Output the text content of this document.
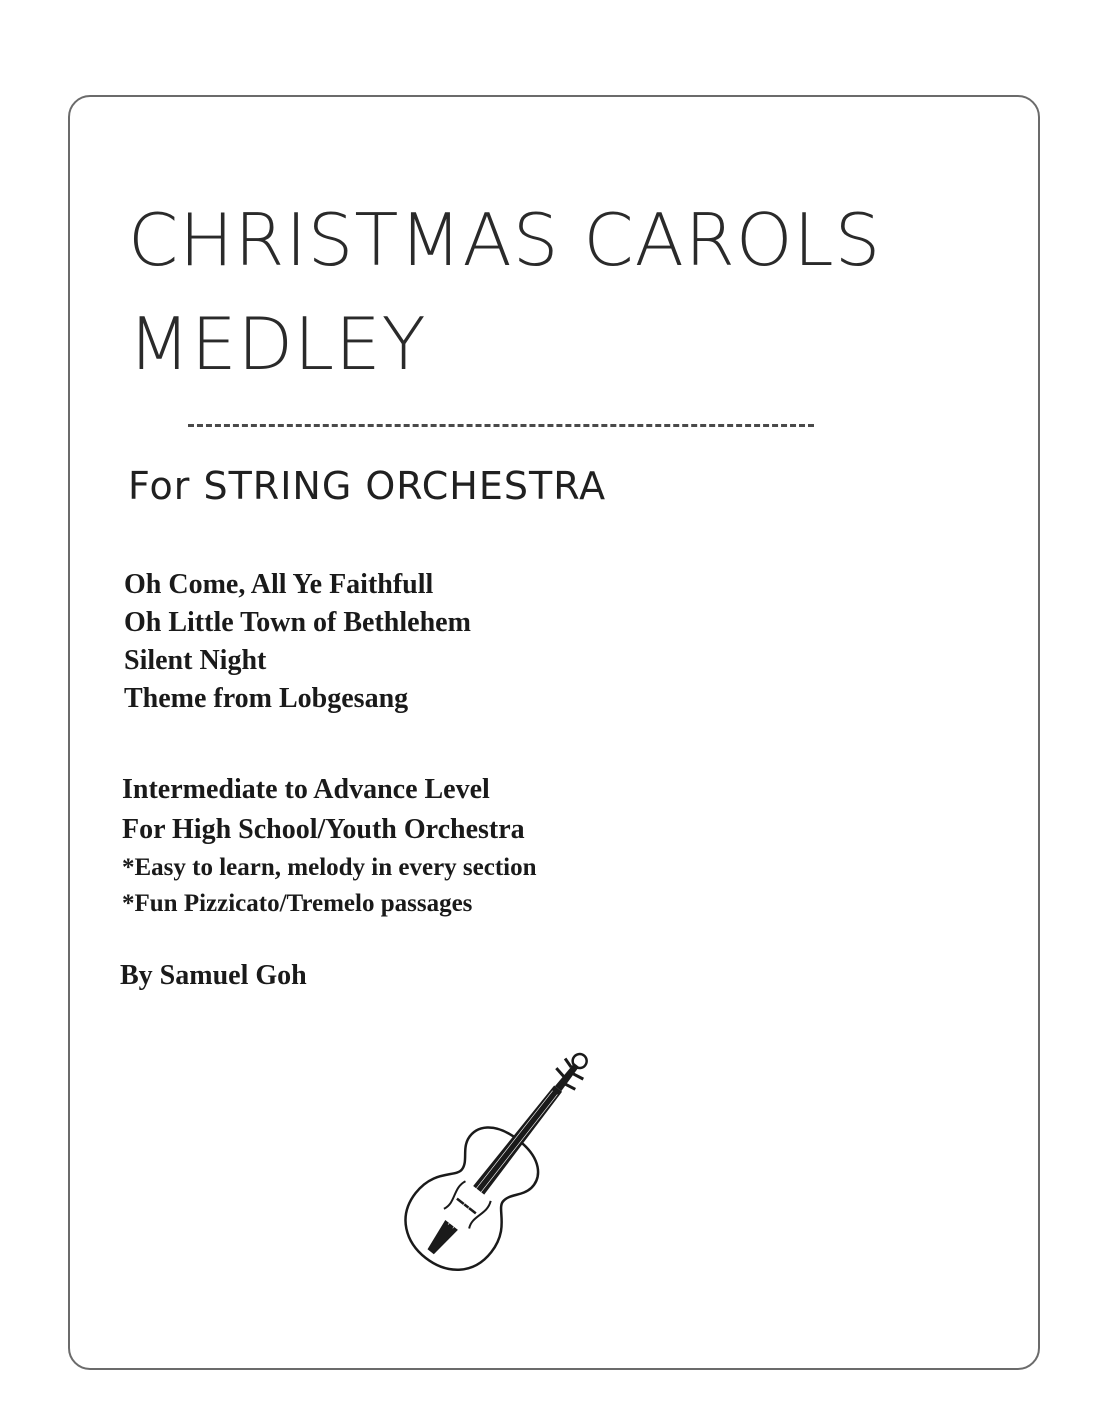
CHRISTMAS CAROLS
MEDLEY
For STRING ORCHESTRA
Oh Come, All Ye Faithfull
Oh Little Town of Bethlehem
Silent Night
Theme from Lobgesang
Intermediate to Advance Level
For High School/Youth Orchestra
*Easy to learn, melody in every section
*Fun Pizzicato/Tremelo passages
By Samuel Goh
